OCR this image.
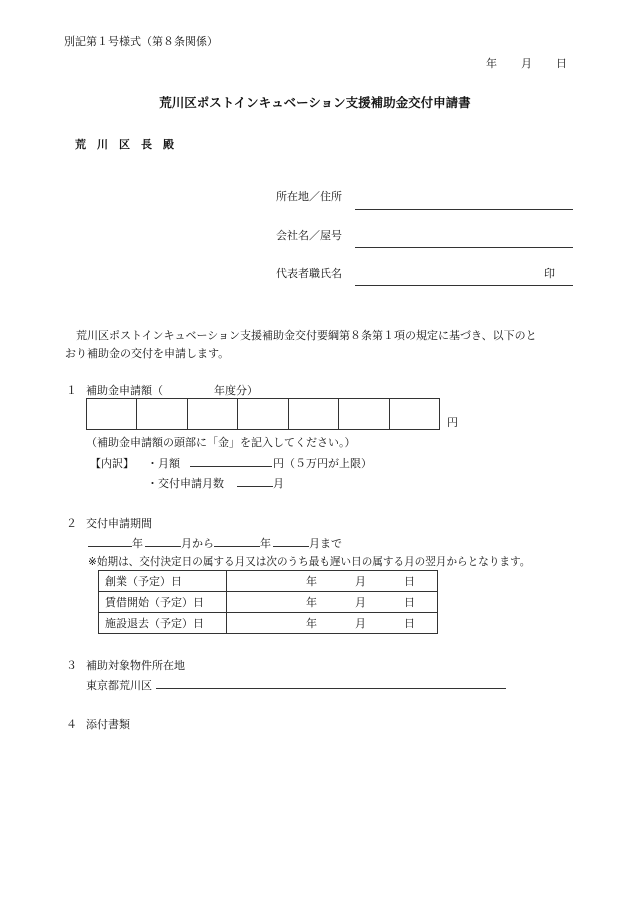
別記第１号様式（第８条関係）
年 月 日
荒川区ポストインキュベーション支援補助金交付申請書
荒　川　区　長　殿
所在地／住所
会社名／屋号
代表者職氏名	印
荒川区ポストインキュベーション支援補助金交付要綱第８条第１項の規定に基づき、以下のと
おり補助金の交付を申請します。
１ 補助金申請額（	年度分）
円
（補助金申請額の頭部に「金」を記入してください。）
【内訳】 ・月額	円（５万円が上限）
・交付申請月数	月
２ 交付申請期間
年	月から	年	月まで
※始期は、交付決定日の属する月又は次のうち最も遅い日の属する月の翌月からとなります。
創業（予定）日	年 月 日
賃借開始（予定）日	年 月 日
施設退去（予定）日	年 月 日
３ 補助対象物件所在地
東京都荒川区
４ 添付書類
